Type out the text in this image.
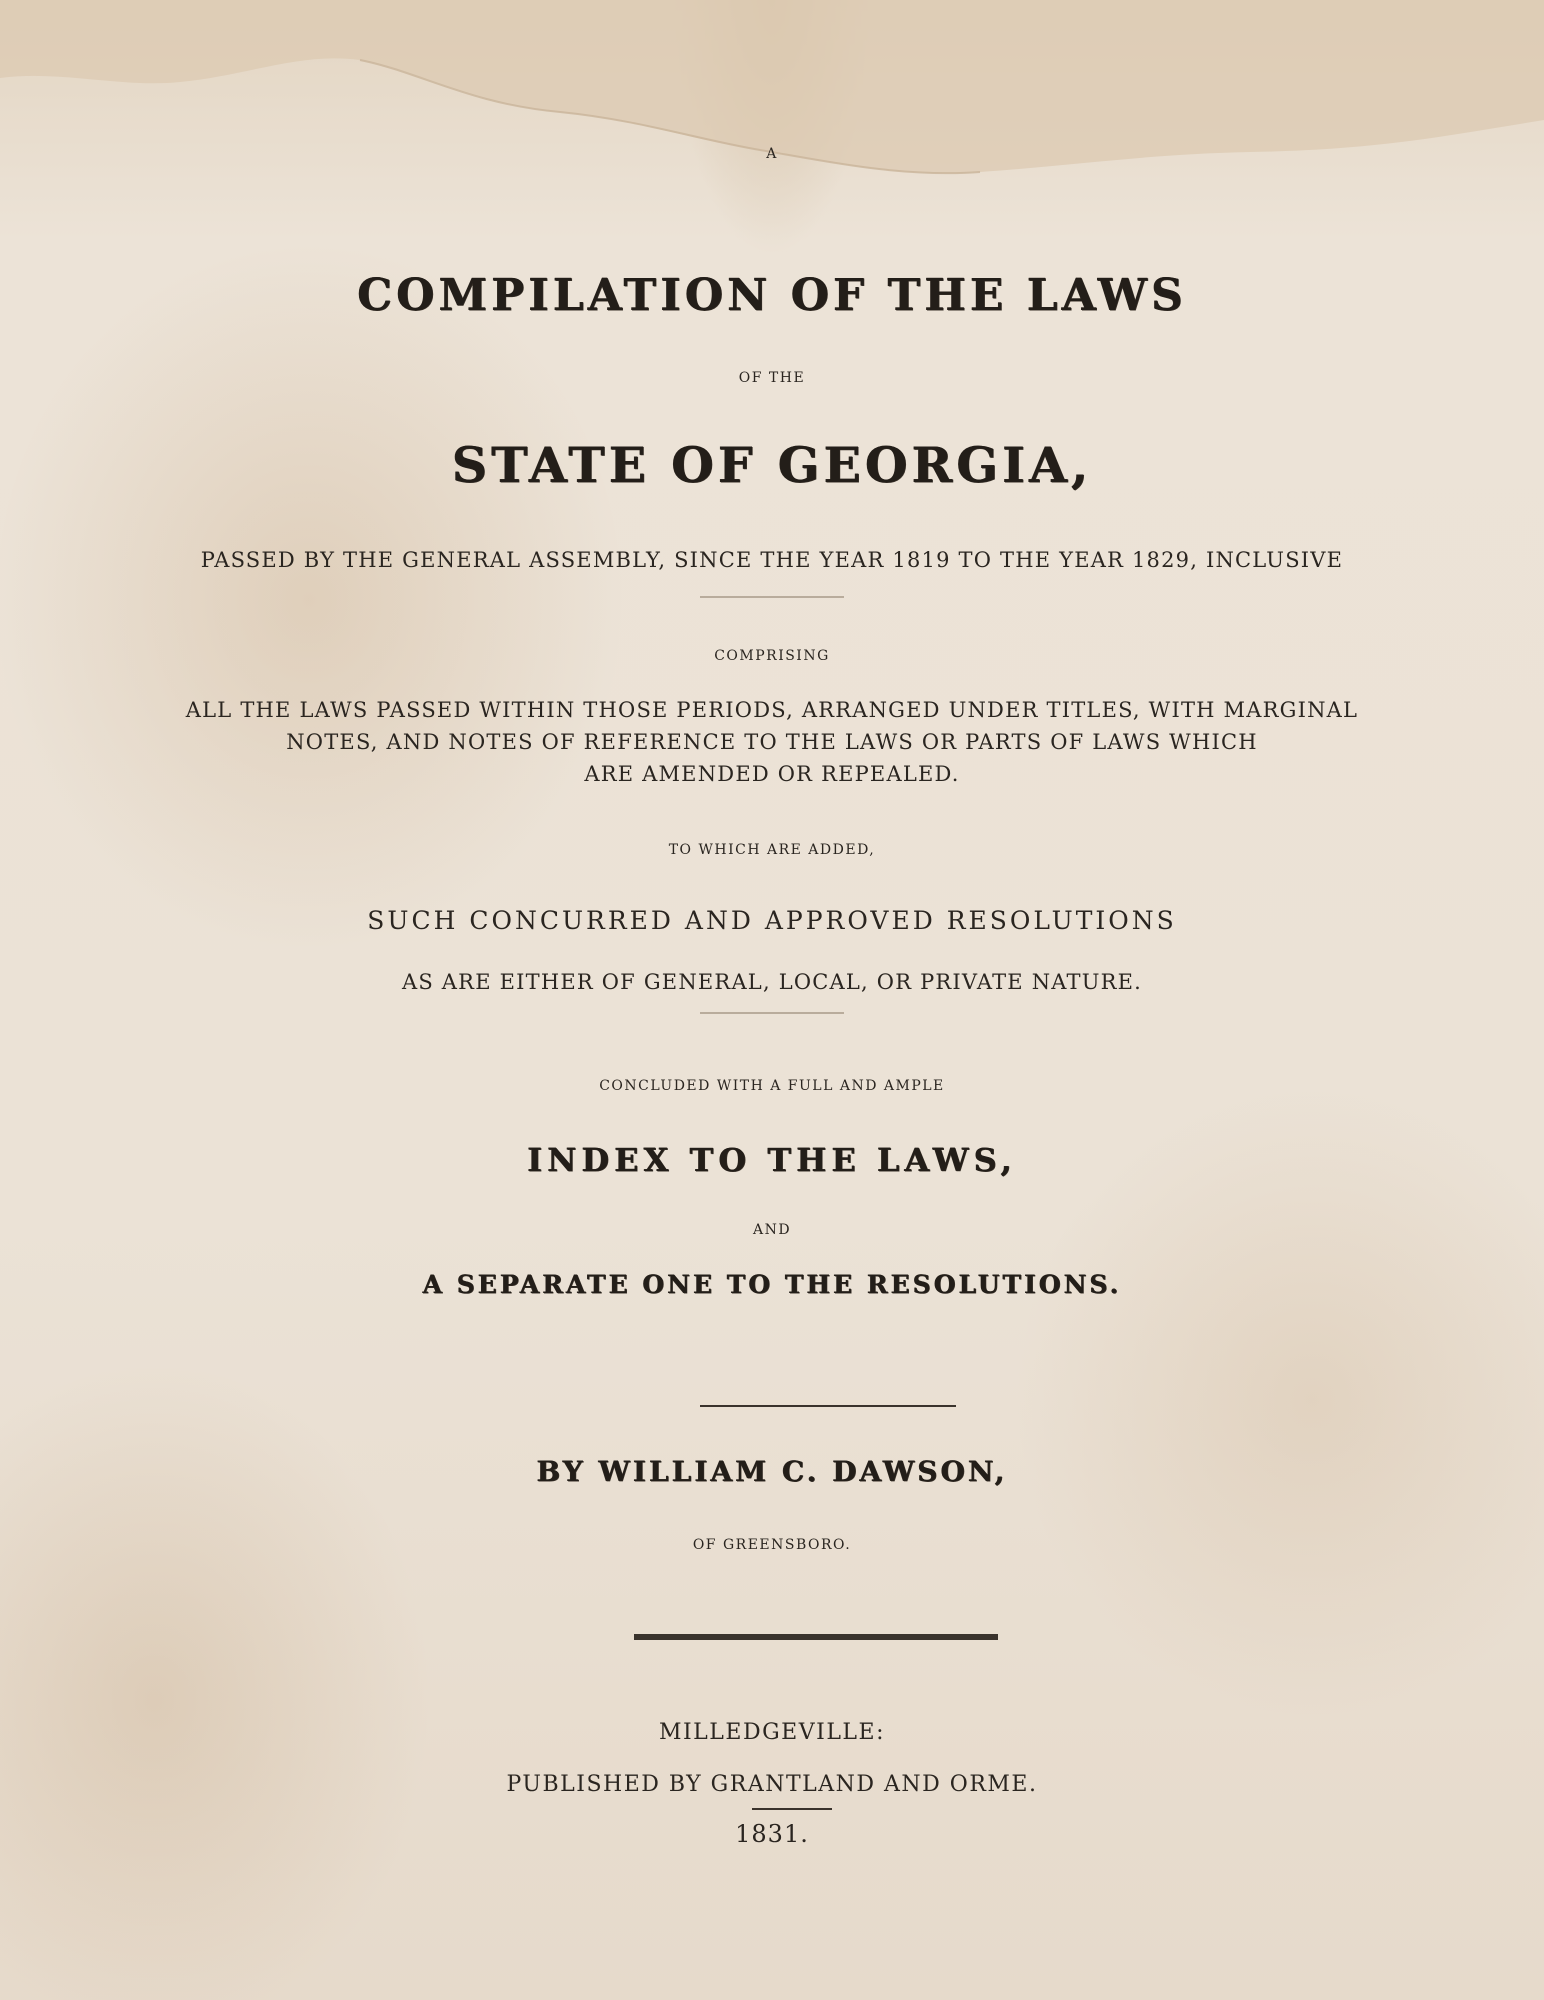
A
COMPILATION OF THE LAWS
OF THE
STATE OF GEORGIA,
PASSED BY THE GENERAL ASSEMBLY, SINCE THE YEAR 1819 TO THE YEAR 1829, INCLUSIVE
COMPRISING
ALL THE LAWS PASSED WITHIN THOSE PERIODS, ARRANGED UNDER TITLES, WITH MARGINAL
NOTES, AND NOTES OF REFERENCE TO THE LAWS OR PARTS OF LAWS WHICH
ARE AMENDED OR REPEALED.
TO WHICH ARE ADDED,
SUCH CONCURRED AND APPROVED RESOLUTIONS
AS ARE EITHER OF GENERAL, LOCAL, OR PRIVATE NATURE.
CONCLUDED WITH A FULL AND AMPLE
INDEX TO THE LAWS,
AND
A SEPARATE ONE TO THE RESOLUTIONS.
BY WILLIAM C. DAWSON,
OF GREENSBORO.
MILLEDGEVILLE:
PUBLISHED BY GRANTLAND AND ORME.
1831.
